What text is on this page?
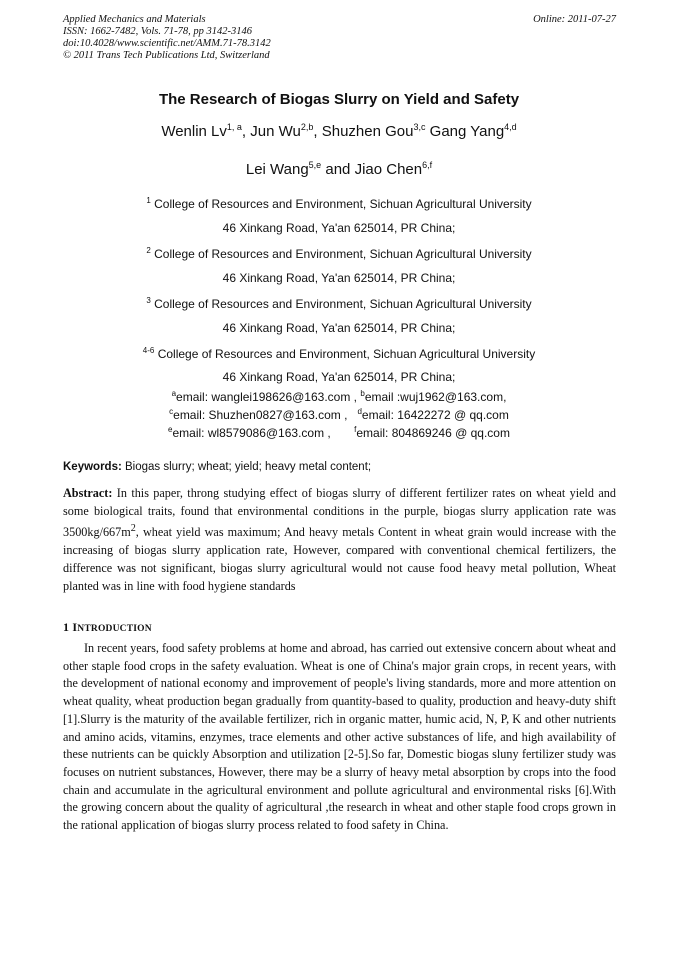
Applied Mechanics and Materials
ISSN: 1662-7482, Vols. 71-78, pp 3142-3146
doi:10.4028/www.scientific.net/AMM.71-78.3142
© 2011 Trans Tech Publications Ltd, Switzerland
Online: 2011-07-27
The Research of Biogas Slurry on Yield and Safety
Wenlin Lv$^{1, a}$, Jun Wu$^{2,b}$, Shuzhen Gou$^{3,c}$ Gang Yang$^{4,d}$
Lei Wang$^{5,e}$ and Jiao Chen$^{6,f}$
$^1$ College of Resources and Environment, Sichuan Agricultural University
46 Xinkang Road, Ya'an 625014, PR China;
$^2$ College of Resources and Environment, Sichuan Agricultural University
46 Xinkang Road, Ya'an 625014, PR China;
$^3$ College of Resources and Environment, Sichuan Agricultural University
46 Xinkang Road, Ya'an 625014, PR China;
$^{4-6}$ College of Resources and Environment, Sichuan Agricultural University
46 Xinkang Road, Ya'an 625014, PR China;
$^a$email: wanglei198626@163.com , $^b$email :wuj1962@163.com,
$^c$email: Shuzhen0827@163.com , $^d$email: 16422272 @ qq.com
$^e$email: wl8579086@163.com ,	$^f$email: 804869246 @ qq.com
Keywords: Biogas slurry; wheat; yield; heavy metal content;
Abstract: In this paper, throng studying effect of biogas slurry of different fertilizer rates on wheat yield and some biological traits, found that environmental conditions in the purple, biogas slurry application rate was $3500kg/667m^2$, wheat yield was maximum; And heavy metals Content in wheat grain would increase with the increasing of biogas slurry application rate, However, compared with conventional chemical fertilizers, the difference was not significant, biogas slurry agricultural would not cause food heavy metal pollution, Wheat planted was in line with food hygiene standards
1 INTRODUCTION
In recent years, food safety problems at home and abroad, has carried out extensive concern about wheat and other staple food crops in the safety evaluation. Wheat is one of China's major grain crops, in recent years, with the development of national economy and improvement of people's living standards, more and more attention on wheat quality, wheat production began gradually from quantity-based to quality, production and heavy-duty shift [1].Slurry is the maturity of the available fertilizer, rich in organic matter, humic acid, N, P, K and other nutrients and amino acids, vitamins, enzymes, trace elements and other active substances of life, and high availability of these nutrients can be quickly Absorption and utilization [2-5].So far, Domestic biogas sluny fertilizer study was focuses on nutrient substances, However, there may be a slurry of heavy metal absorption by crops into the food chain and accumulate in the agricultural environment and pollute agricultural and environmental risks [6].With the growing concern about the quality of agricultural ,the research in wheat and other staple food crops grown in the rational application of biogas slurry process related to food safety in China.
